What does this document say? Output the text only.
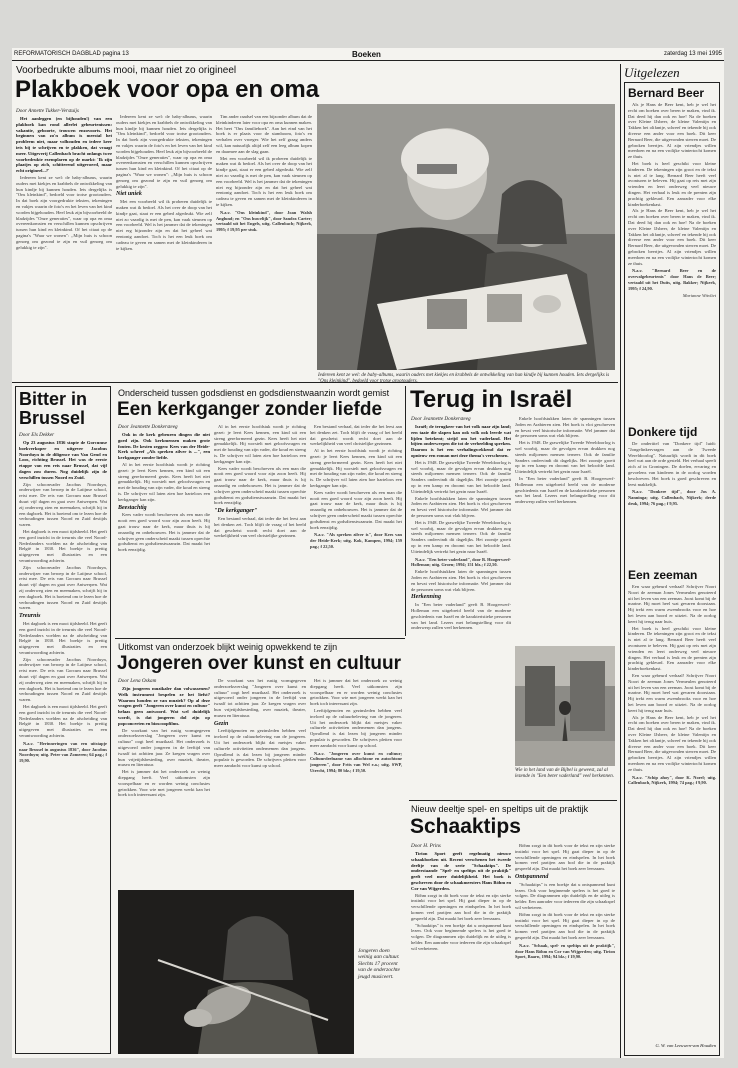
REFORMATORISCH DAGBLAD pagina 13	Boeken	zaterdag 13 mei 1995
Voorbedrukte albums mooi, maar niet zo origineel
Plakboek voor opa en oma
Door Annette Tukker-Verstuijs

Het aanleggen (en bijhouden!) van een plakboek kan rond allerlei gebeurtenissen: vakantie, geboorte, trouwen enzovoorts. Het beginnen van zo'n album is meestal het probleem niet, maar volhouden en iedere keer iets bij te schrijven en te plakken, dat vraagt meer. Uitgeverij Callenbach bracht onlangs twee voorbedrukte exemplaren op de markt: 'Ik zijn plaatjes op zich, schitterend uitgevoerd, maar echt origineel...?'

Iedereen kent ze wel: de baby-albums, waarin ouders met kiekjes en krabbels de ontwikkeling van hun kindje bij kunnen houden. Iets dergelijks is "Ons kleinkind", bedoeld voor trotse grootouders. In dat boek zijn voorgedrukte teksten, tekeningen en vakjes waarin de foto's en het leven van het kind worden bijgehouden. Heel leuk zijn bijvoorbeeld de bladzijdes "Onze generaties", waar op opa en oma overeenkomsten en verschillen kunnen opschrijven tussen hun kind en kleinkind. Of het citaat op de pagina's "Waar we wonen": ,,Mijn huis is schoon genoeg om gezond te zijn en vuil genoeg om gelukkig te zijn".

Iedereen kent ze wel: de baby-albums, waarin ouders met kiekjes en krabbels de ontwikkeling van hun kindje bij kunnen houden. Iets dergelijks is "Ons kleinkind", bedoeld voor trotse grootouders. In dat boek zijn voorgedrukte teksten, tekeningen en vakjes waarin de foto's en het leven van het kind worden bijgehouden. Heel leuk zijn bijvoorbeeld de bladzijdes "Onze generaties", waar op opa en oma overeenkomsten en verschillen kunnen opschrijven tussen hun kind en kleinkind. Of het citaat op de pagina's "Waar we wonen": ,,Mijn huis is schoon genoeg om gezond te zijn en vuil genoeg om gelukkig te zijn".

Niet uniek

Met een voorbeeld wil ik proberen duidelijk te maken wat ik bedoel. Als het over de doop van het kindje gaat, staat er een gebed afgedrukt. Wie zelf niet zo vaardig is met de pen, kan vaak steunen op een voorbeeld. Wel is het jammer dat de tekeningen niet erg bijzonder zijn en dat het geheel wat eentonig aandoet. Toch is het een leuk boek om cadeau te geven en samen met de kleinkinderen in te kijken.

Tim ander raadsel van een bijzonder album dat de kleinkinderen later voor opa en oma kunnen maken. Het heet "Ons familieboek". Aan het eind van het boek is er plaats voor de stamboom, foto's en verhalen over vroeger. Wie het zelf graag anders wil, kan natuurlijk altijd zelf een leeg album kopen en daarmee aan de slag gaan.

Met een voorbeeld wil ik proberen duidelijk te maken wat ik bedoel. Als het over de doop van het kindje gaat, staat er een gebed afgedrukt. Wie zelf niet zo vaardig is met de pen, kan vaak steunen op een voorbeeld. Wel is het jammer dat de tekeningen niet erg bijzonder zijn en dat het geheel wat eentonig aandoet. Toch is het een leuk boek om cadeau te geven en samen met de kleinkinderen in te kijken.

N.a.v. "Ons kleinkind", door Joan Walsh Anglund; en "Ons huwelijk", door Sandra Carter; vertaald uit het Engels, uitg. Callenbach; Nijkerk, 1995; f 19,95 per stuk.

Iedereen kent ze wel: de baby-albums, waarin ouders met kiekjes en krabbels de ontwikkeling van hun kindje bij kunnen houden. Iets dergelijks is
Uitgelezen
Bernard Beer

Als je Hans de Beer kent, heb je wel het recht om boeken over beren te maken, vind ik. Dat deed hij dan ook en hoe! Na de boeken over Kleine IJsbeer, de kleine Valentijn en Takken het olifantje, schreef en tekende hij ook diverse een ander voor een boek. Dit keer Bernard Beer, die uitgevonden sterren moet. De gebroken beertjes. Al zijn vriendjes willen meedoen en na een vrolijke wintertocht komen ze thuis.

Het boek is heel geschikt voor kleine kinderen. De tekeningen zijn groot en de tekst is niet al te lang. Bernard Beer heeft veel avonturen te beleven. Hij gaat op reis met zijn vrienden en leert onderweg veel nieuwe dingen. Het verhaal is leuk en de prenten zijn prachtig gekleurd. Een aanrader voor elke kinderboekenkast.

Als je Hans de Beer kent, heb je wel het recht om boeken over beren te maken, vind ik. Dat deed hij dan ook en hoe! Na de boeken over Kleine IJsbeer, de kleine Valentijn en Takken het olifantje, schreef en tekende hij ook diverse een ander voor een boek. Dit keer Bernard Beer, die uitgevonden sterren moet. De gebroken beertjes. Al zijn vriendjes willen meedoen en na een vrolijke wintertocht komen ze thuis.

N.a.v. "Bernard Beer en de overvalgebeurtenis" door Hans de Beer; vertaald uit het Duits, uitg. Bakker; Nijkerk, 1995; f 24,90.

Marianne Witvliet

Donkere tijd

De ondertitel van "Donkere tijd" luidt: "Jongelinkervragen aan de Tweede Wereldoorlog". Natuurlijk wordt in dit boek heel wat aan de orde gesteld. Het verhaal speelt zich af in Groningen. De doelen, ervaring en gevoelens van kinderen in de oorlog worden beschreven. Het boek is goed geschreven en leest makkelijk.

N.a.v. "Donkere tijd", door Jos A. Nanninga; uitg. Callenbach, Nijkerk; derde druk, 1994; 76 pag.; f 9,95.

Een zeeman

Een waar gebeurd verhaal! Schrijver Noort Noort de zeeman Jones Vermeulen genoteerd uit het leven van een zeeman. Joost komt bij de marine. Hij moet heel wat gevaren doorstaan. Hij trekt een warm zwembrooks voor en hoe het leven aan boord er uitziet. Na de oorlog keert hij terug naar huis.

Het boek is heel geschikt voor kleine kinderen. De tekeningen zijn groot en de tekst is niet al te lang. Bernard Beer heeft veel avonturen te beleven. Hij gaat op reis met zijn vrienden en leert onderweg veel nieuwe dingen. Het verhaal is leuk en de prenten zijn prachtig gekleurd. Een aanrader voor elke kinderboekenkast.

Een waar gebeurd verhaal! Schrijver Noort Noort de zeeman Jones Vermeulen genoteerd uit het leven van een zeeman. Joost komt bij de marine. Hij moet heel wat gevaren doorstaan. Hij trekt een warm zwembrooks voor en hoe het leven aan boord er uitziet. Na de oorlog keert hij terug naar huis.

Als je Hans de Beer kent, heb je wel het recht om boeken over beren te maken, vind ik. Dat deed hij dan ook en hoe! Na de boeken over Kleine IJsbeer, de kleine Valentijn en Takken het olifantje, schreef en tekende hij ook diverse een ander voor een boek. Dit keer Bernard Beer, die uitgevonden sterren moet. De gebroken beertjes. Al zijn vriendjes willen meedoen en na een vrolijke wintertocht komen ze thuis.

N.a.v. "Schip ahoy", door K. Norel; uitg. Callenbach, Nijkerk, 1994; 74 pag.; f 9,90.

G. W. van Leeuwen-van Houdten
Bitter in Brussel
Door Els Dekker

Op 23 augustus 1836 stapte de Gorcumse boekverkoper en uitgever Jacobus Noorduyn in de diligence van Van Gend en Loos, richting Brussel. Het was de eerste etappe van een reis naar Brussel, dat vijf dagen zou duren. Nog duidelijk zijn de verschillen tussen Noord en Zuid.

Zijn schoonvader Jacobus Noorduyn, onderwijzer van beroep in de Latijnse school, reist mee. De reis van Gorcum naar Brussel duurt vijf dagen en gaat over Antwerpen. Wat zij onderweg zien en meemaken, schrijft hij in een dagboek. Het is boeiend om te lezen hoe de verhoudingen tussen Noord en Zuid destijds waren.

Het dagboek is een mooi tijdsbeeld. Het geeft een goed inzicht in de treurnis die veel Noord-Nederlanders voelden na de afscheiding van België in 1830. Het boekje is prettig uitgegeven met illustraties en een verantwoording achterin.

Zijn schoonvader Jacobus Noorduyn, onderwijzer van beroep in de Latijnse school, reist mee. De reis van Gorcum naar Brussel duurt vijf dagen en gaat over Antwerpen. Wat zij onderweg zien en meemaken, schrijft hij in een dagboek. Het is boeiend om te lezen hoe de verhoudingen tussen Noord en Zuid destijds waren.

Treurnis

Het dagboek is een mooi tijdsbeeld. Het geeft een goed inzicht in de treurnis die veel Noord-Nederlanders voelden na de afscheiding van België in 1830. Het boekje is prettig uitgegeven met illustraties en een verantwoording achterin.

Zijn schoonvader Jacobus Noorduyn, onderwijzer van beroep in de Latijnse school, reist mee. De reis van Gorcum naar Brussel duurt vijf dagen en gaat over Antwerpen. Wat zij onderweg zien en meemaken, schrijft hij in een dagboek. Het is boeiend om te lezen hoe de verhoudingen tussen Noord en Zuid destijds waren.

Het dagboek is een mooi tijdsbeeld. Het geeft een goed inzicht in de treurnis die veel Noord-Nederlanders voelden na de afscheiding van België in 1830. Het boekje is prettig uitgegeven met illustraties en een verantwoording achterin.

N.a.v. "Herinneringen van een uitstapje naar Brussel in augustus 1836", door Jacobus Noorduyn; uitg. Peter van Zomeren; 64 pag.; f 19,90.

Onderscheid tussen godsdienst en godsdienstwaanzin wordt gemist
Een kerkganger zonder liefde
Door Jeannette Donkersteeg

Ook in de kerk gebeuren dingen die niet goed zijn. Ook kerkmensen maken grote fouten. De kesten zeggen: Kees van der Heide-Kerk schreef ,,Als spreken zilver is ...", een kerkganger zonder liefde.

Al in het eerste hoofdstuk wordt je richting gezet: je leert Kees kennen, een kind uit een streng gereformeerd gezin. Kees heeft het niet gemakkelijk. Hij worstelt met geloofsvragen en met de houding van zijn vader, die koud en streng is. De schrijver wil laten zien hoe harteloos een kerkganger kan zijn.

Beestachtig

Kees vader wordt beschreven als een man die nooit een goed woord voor zijn zoon heeft. Hij gaat trouw naar de kerk, maar thuis is hij onaardig en onbehouwen. Het is jammer dat de schrijver geen onderscheid maakt tussen oprechte godsdienst en godsdienstwaanzin. Dat maakt het boek eenzijdig.

Al in het eerste hoofdstuk wordt je richting gezet: je leert Kees kennen, een kind uit een streng gereformeerd gezin. Kees heeft het niet gemakkelijk. Hij worstelt met geloofsvragen en met de houding van zijn vader, die koud en streng is. De schrijver wil laten zien hoe harteloos een kerkganger kan zijn.

Kees vader wordt beschreven als een man die nooit een goed woord voor zijn zoon heeft. Hij gaat trouw naar de kerk, maar thuis is hij onaardig en onbehouwen. Het is jammer dat de schrijver geen onderscheid maakt tussen oprechte godsdienst en godsdienstwaanzin. Dat maakt het boek eenzijdig.

"De kerkganger"

Een bestand verhaal, dat ieder die het leest aan het denken zet. Toch blijft de vraag of het beeld dat geschetst wordt recht doet aan de werkelijkheid van veel christelijke gezinnen.

Een bestand verhaal, dat ieder die het leest aan het denken zet. Toch blijft de vraag of het beeld dat geschetst wordt recht doet aan de werkelijkheid van veel christelijke gezinnen.

Al in het eerste hoofdstuk wordt je richting gezet: je leert Kees kennen, een kind uit een streng gereformeerd gezin. Kees heeft het niet gemakkelijk. Hij worstelt met geloofsvragen en met de houding van zijn vader, die koud en streng is. De schrijver wil laten zien hoe harteloos een kerkganger kan zijn.

Kees vader wordt beschreven als een man die nooit een goed woord voor zijn zoon heeft. Hij gaat trouw naar de kerk, maar thuis is hij onaardig en onbehouwen. Het is jammer dat de schrijver geen onderscheid maakt tussen oprechte godsdienst en godsdienstwaanzin. Dat maakt het boek eenzijdig.

N.a.v. "Als spreken zilver is", door Kees van der Heide-Kerk; uitg. Kok, Kampen, 1994; 159 pag.; f 22,50.

Terug in Israël
Door Jeannette Donkersteeg

Israël; de terugkeer van het volk naar zijn land; een taaie die slapen kan ook volk ook leerde wat lijden betekent; strijd om het vaderland. Het bijten onderwerpen die tot de verbeelding spreken. Daarom is het een verhalingwekkend dat er opnieuw een roman met deze thema's verschenen.

Het is 1948. De grawelijke Tweede Wereldoorlog is wel voorbij, maar de gevolgen ervan drukken nog steeds miljoenen mensen terneer. Ook de familie Sanders ondervindt dit dagelijks. Het zoontje groeit op in een kamp en droomt van het beloofde land. Uiteindelijk vertrekt het gezin naar Israël.

Enkele hoofdstukken laten de spanningen tussen Joden en Arabieren zien. Het boek is vlot geschreven en bevat veel historische informatie. Wel jammer dat de personen soms wat vlak blijven.

Het is 1948. De grawelijke Tweede Wereldoorlog is wel voorbij, maar de gevolgen ervan drukken nog steeds miljoenen mensen terneer. Ook de familie Sanders ondervindt dit dagelijks. Het zoontje groeit op in een kamp en droomt van het beloofde land. Uiteindelijk vertrekt het gezin naar Israël.

N.a.v. "Een beter vaderland", door B. Hoogerwerf-Holleman; uitg. Groen; 1994; 151 blz.; f 22,50.

Enkele hoofdstukken laten de spanningen tussen Joden en Arabieren zien. Het boek is vlot geschreven en bevat veel historische informatie. Wel jammer dat de personen soms wat vlak blijven.

Herkenning

In "Een beter vaderland" geeft B. Hoogerwerf-Holleman een uitgebreid beeld van de moderne geschiedenis van Israël en de karakteristieke personen van het land. Lezers met belangstelling voor dit onderwerp zullen veel herkennen.

Enkele hoofdstukken laten de spanningen tussen Joden en Arabieren zien. Het boek is vlot geschreven en bevat veel historische informatie. Wel jammer dat de personen soms wat vlak blijven.

Het is 1948. De grawelijke Tweede Wereldoorlog is wel voorbij, maar de gevolgen ervan drukken nog steeds miljoenen mensen terneer. Ook de familie Sanders ondervindt dit dagelijks. Het zoontje groeit op in een kamp en droomt van het beloofde land. Uiteindelijk vertrekt het gezin naar Israël.

In "Een beter vaderland" geeft B. Hoogerwerf-Holleman een uitgebreid beeld van de moderne geschiedenis van Israël en de karakteristieke personen van het land. Lezers met belangstelling voor dit onderwerp zullen veel herkennen.

Wie in het land van de Bijbel is geweest, zal al lezende in "Een beter vaderland" veel herkennen.
Uitkomst van onderzoek blijkt weinig opwekkend te zijn
Jongeren over kunst en cultuur
Door Lena Oskam

Zijn jongeren muzikaler dan volwassenen? Welk instrument bespelen ze het liefst? Waarom houden ze van muziek? Op al deze vragen geeft "Jongeren over kunst en cultuur" helaas geen antwoord. Wat wel duidelijk wordt, is dat jongeren dol zijn op popconcerten en bioscoopfilms.

De voorkant van het rustig vormgegeven onderzoeksverslag "Jongeren over kunst en cultuur" oogt heel muzikaal. Het onderzoek is uitgevoerd onder jongeren in de leeftijd van twaalf tot achttien jaar. Ze kregen vragen over hun vrijetijdsbesteding, over muziek, theater, musea en literatuur.

Het is jammer dat het onderzoek zo weinig diepgang heeft. Veel uitkomsten zijn voorspelbaar en er worden weinig conclusies getrokken. Voor wie met jongeren werkt kan het boek toch interessant zijn.

De voorkant van het rustig vormgegeven onderzoeksverslag "Jongeren over kunst en cultuur" oogt heel muzikaal. Het onderzoek is uitgevoerd onder jongeren in de leeftijd van twaalf tot achttien jaar. Ze kregen vragen over hun vrijetijdsbesteding, over muziek, theater, musea en literatuur.

Gezin

Leeftijdgenoten en gezinsleden hebben veel invloed op de cultuurbeleving van de jongeren. Uit het onderzoek blijkt dat meisjes vaker culturele activiteiten ondernemen dan jongens. Opvallend is dat lezen bij jongeren minder populair is geworden. De schrijvers pleiten voor meer aandacht voor kunst op school.

Het is jammer dat het onderzoek zo weinig diepgang heeft. Veel uitkomsten zijn voorspelbaar en er worden weinig conclusies getrokken. Voor wie met jongeren werkt kan het boek toch interessant zijn.

Leeftijdgenoten en gezinsleden hebben veel invloed op de cultuurbeleving van de jongeren. Uit het onderzoek blijkt dat meisjes vaker culturele activiteiten ondernemen dan jongens. Opvallend is dat lezen bij jongeren minder populair is geworden. De schrijvers pleiten voor meer aandacht voor kunst op school.

N.a.v. "Jongeren over kunst en cultuur; Cultuurdeelname van allochtone en autochtone jongeren", door Frits van Wel e.a.; uitg. SWP, Utrecht, 1994; 80 blz.; f 19,50.

Jongeren doen weinig aan cultuur. Slechts 17 procent van de onderzochte jeugd musiceert.
Nieuw deeltje spel- en speltips uit de praktijk
Schaaktips
Door H. Prins

Tirion Sport geeft regelmatig nieuwe schaakboeken uit. Recent verschenen het tweede deeltje van de serie "Schaaktips". De onderstaande "Spel- en speltips uit de praktijk" geeft veel meer duidelijkheid. Het boek is geschreven door de schaakmeesters Hans Böhm en Cor van Wijgerden.

Böhm zorgt in dit boek voor de tekst en zijn sterke instinkt voor het spel. Hij gaat dieper in op de verschillende openingen en eindspelen. In het boek komen veel partijen aan bod die in de praktijk gespeeld zijn. Dat maakt het boek zeer leerzaam.

"Schaaktips" is een boekje dat u ontspannend kunt lezen. Ook voor beginnende spelers is het goed te volgen. De diagrammen zijn duidelijk en de uitleg is helder. Een aanrader voor iedereen die zijn schaakspel wil verbeteren.

Böhm zorgt in dit boek voor de tekst en zijn sterke instinkt voor het spel. Hij gaat dieper in op de verschillende openingen en eindspelen. In het boek komen veel partijen aan bod die in de praktijk gespeeld zijn. Dat maakt het boek zeer leerzaam.

Ontspannend

"Schaaktips" is een boekje dat u ontspannend kunt lezen. Ook voor beginnende spelers is het goed te volgen. De diagrammen zijn duidelijk en de uitleg is helder. Een aanrader voor iedereen die zijn schaakspel wil verbeteren.

Böhm zorgt in dit boek voor de tekst en zijn sterke instinkt voor het spel. Hij gaat dieper in op de verschillende openingen en eindspelen. In het boek komen veel partijen aan bod die in de praktijk gespeeld zijn. Dat maakt het boek zeer leerzaam.

N.a.v. "Schaak, spel- en speltips uit de praktijk", door Hans Böhm en Cor van Wijgerden; uitg. Tirion Sport, Baarn, 1994; 94 blz.; f 19,90.
